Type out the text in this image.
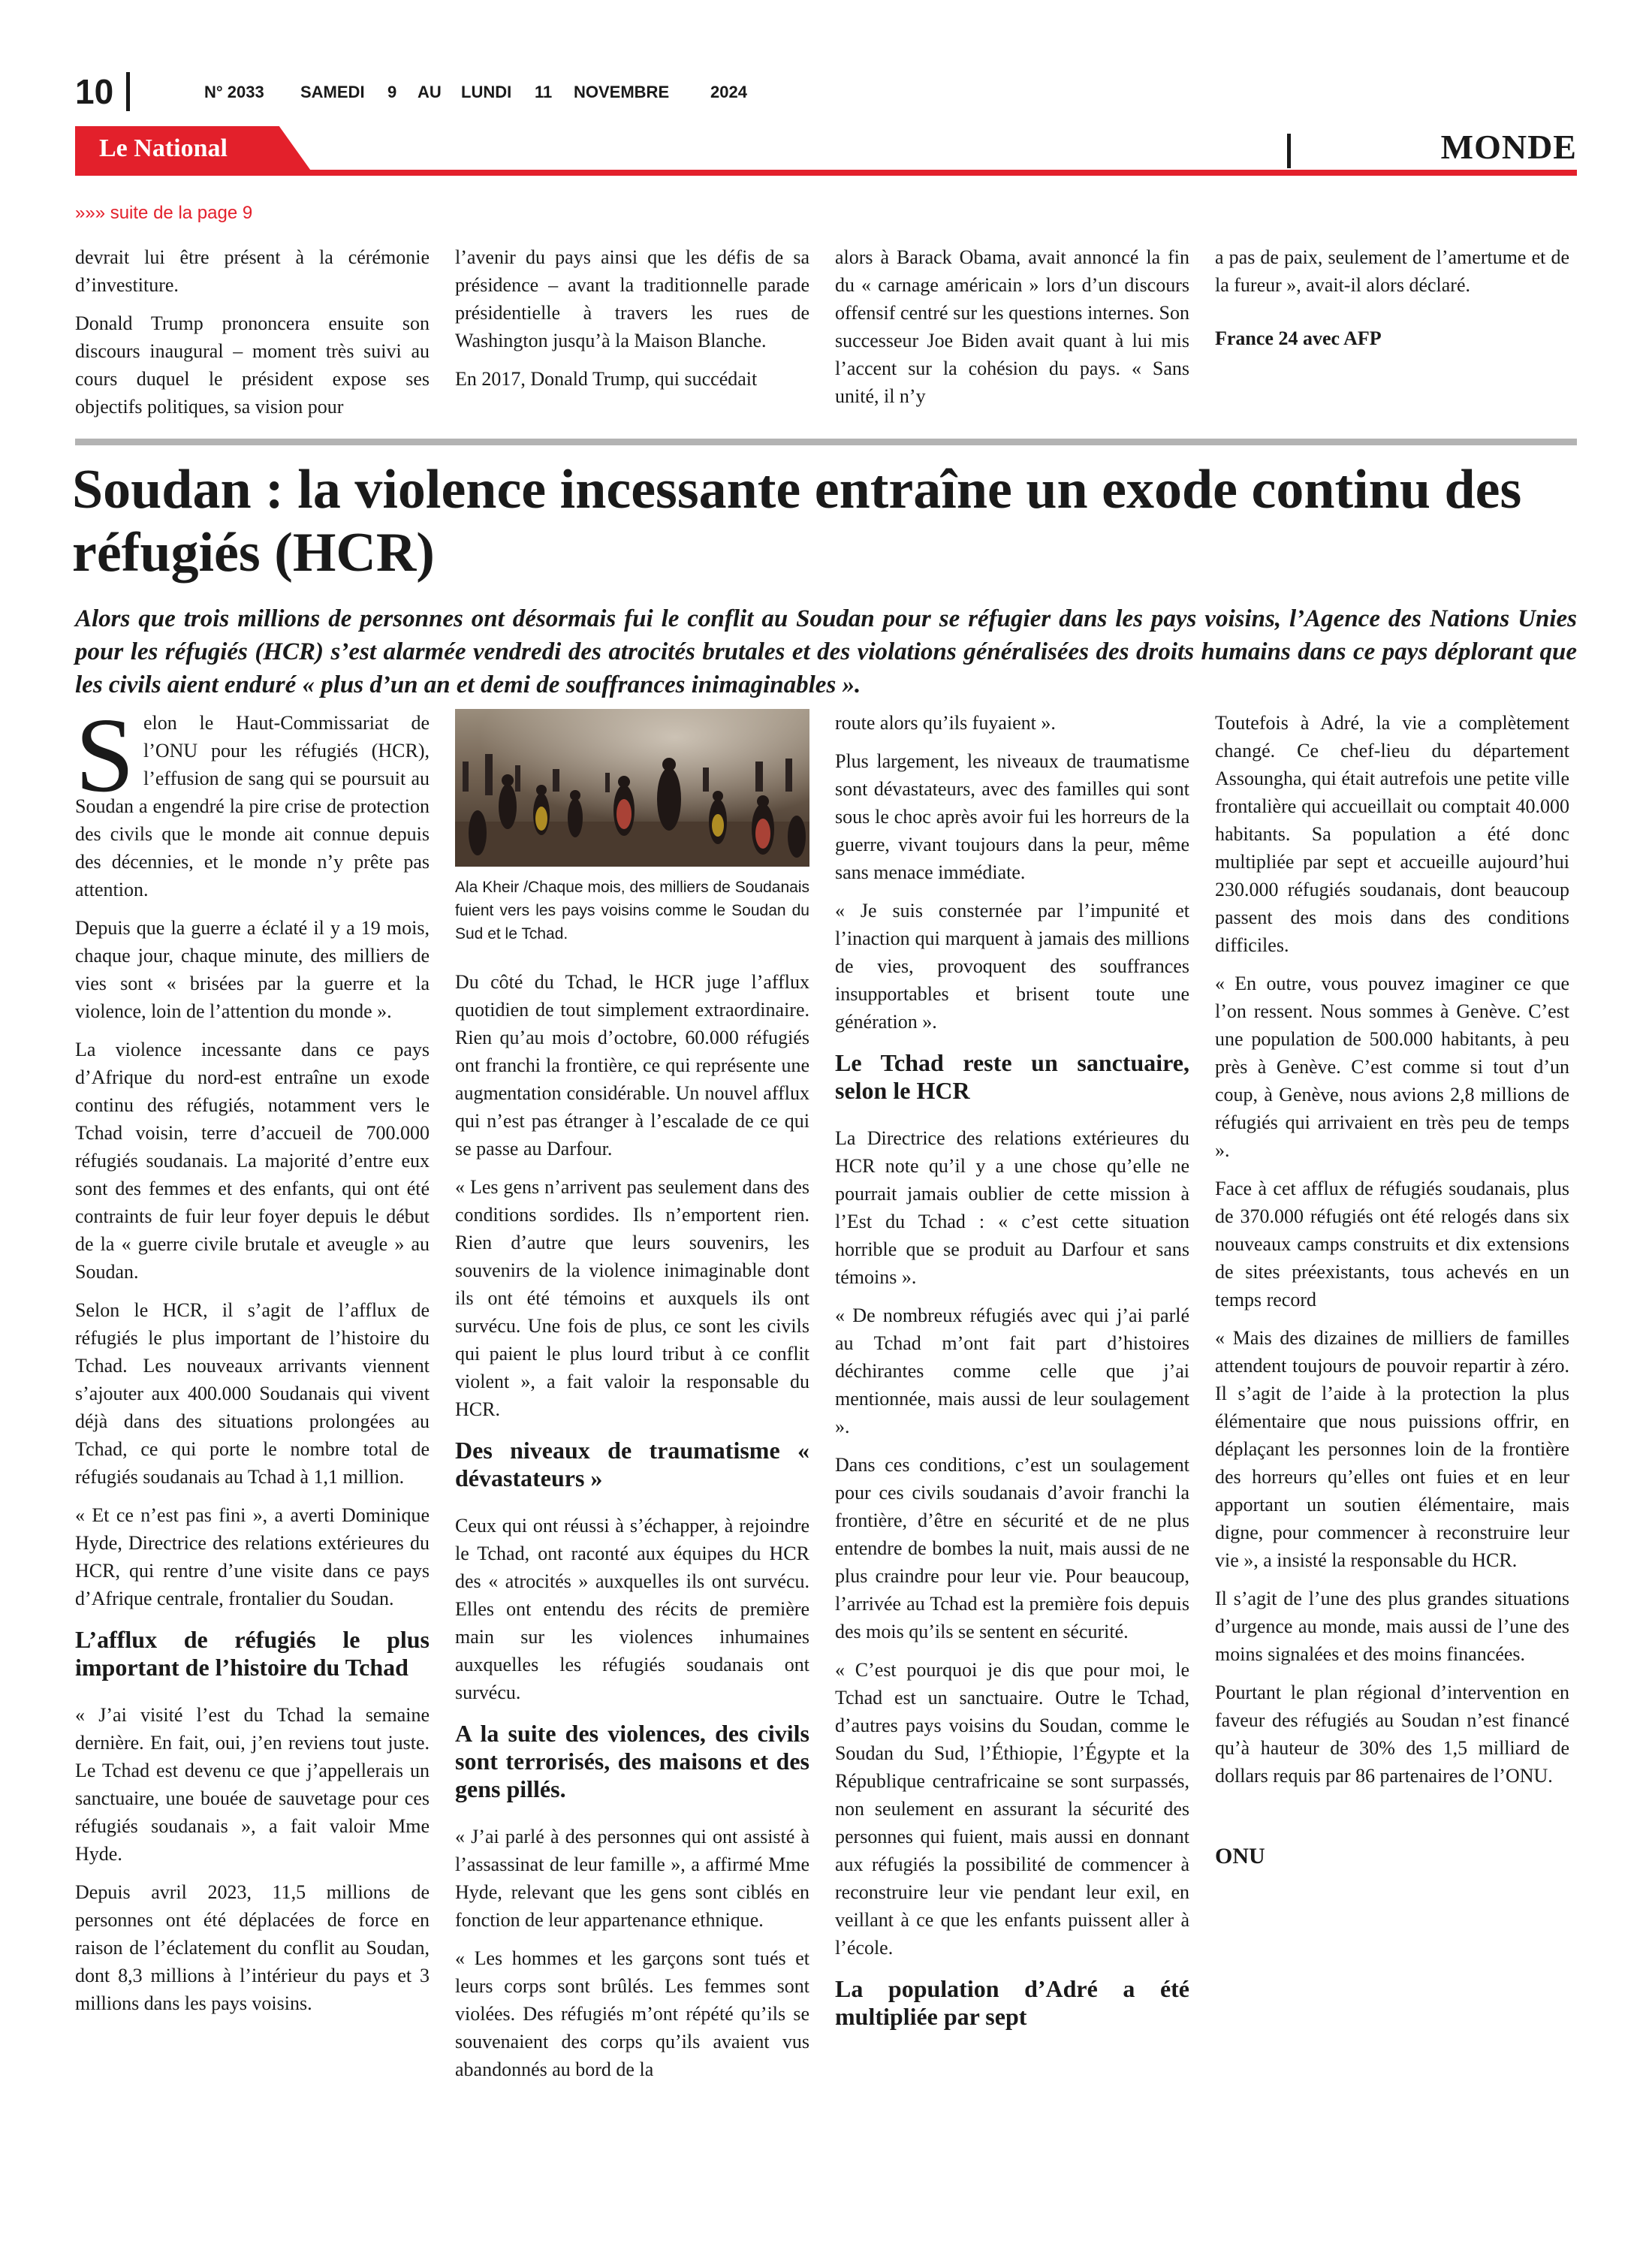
10	N° 2033 SAMEDI 9 AU LUNDI 11 NOVEMBRE 2024
Le National	MONDE
»»» suite de la page 9

devrait lui être présent à la cérémonie d’investiture.

Donald Trump prononcera ensuite son discours inaugural – moment très suivi au cours duquel le président expose ses objectifs politiques, sa vision pour

l’avenir du pays ainsi que les défis de sa présidence – avant la traditionnelle parade présidentielle à travers les rues de Washington jusqu’à la Maison Blanche.

En 2017, Donald Trump, qui succédait

alors à Barack Obama, avait annoncé la fin du « carnage américain » lors d’un discours offensif centré sur les questions internes. Son successeur Joe Biden avait quant à lui mis l’accent sur la cohésion du pays. « Sans unité, il n’y

a pas de paix, seulement de l’amertume et de la fureur », avait-il alors déclaré.

France 24 avec AFP

Soudan : la violence incessante entraîne un exode continu des réfugiés (HCR)

Alors que trois millions de personnes ont désormais fui le conflit au Soudan pour se réfugier dans les pays voisins, l’Agence des Nations Unies pour les réfugiés (HCR) s’est alarmée vendredi des atrocités brutales et des violations généralisées des droits humains dans ce pays déplorant que les civils aient enduré « plus d’un an et demi de souffrances inimaginables ».

Selon le Haut-Commissariat de l’ONU pour les réfugiés (HCR), l’effusion de sang qui se poursuit au Soudan a engendré la pire crise de protection des civils que le monde ait connue depuis des décennies, et le monde n’y prête pas attention.

Depuis que la guerre a éclaté il y a 19 mois, chaque jour, chaque minute, des milliers de vies sont « brisées par la guerre et la violence, loin de l’attention du monde ».

La violence incessante dans ce pays d’Afrique du nord-est entraîne un exode continu des réfugiés, notamment vers le Tchad voisin, terre d’accueil de 700.000 réfugiés soudanais. La majorité d’entre eux sont des femmes et des enfants, qui ont été contraints de fuir leur foyer depuis le début de la « guerre civile brutale et aveugle » au Soudan.

Selon le HCR, il s’agit de l’afflux de réfugiés le plus important de l’histoire du Tchad. Les nouveaux arrivants viennent s’ajouter aux 400.000 Soudanais qui vivent déjà dans des situations prolongées au Tchad, ce qui porte le nombre total de réfugiés soudanais au Tchad à 1,1 million.

« Et ce n’est pas fini », a averti Dominique Hyde, Directrice des relations extérieures du HCR, qui rentre d’une visite dans ce pays d’Afrique centrale, frontalier du Soudan.

L’afflux de réfugiés le plus important de l’histoire du Tchad

« J’ai visité l’est du Tchad la semaine dernière. En fait, oui, j’en reviens tout juste. Le Tchad est devenu ce que j’appellerais un sanctuaire, une bouée de sauvetage pour ces réfugiés soudanais », a fait valoir Mme Hyde.

Depuis avril 2023, 11,5 millions de personnes ont été déplacées de force en raison de l’éclatement du conflit au Soudan, dont 8,3 millions à l’intérieur du pays et 3 millions dans les pays voisins.

Ala Kheir /Chaque mois, des milliers de Soudanais fuient vers les pays voisins comme le Soudan du Sud et le Tchad.

Du côté du Tchad, le HCR juge l’afflux quotidien de tout simplement extraordinaire. Rien qu’au mois d’octobre, 60.000 réfugiés ont franchi la frontière, ce qui représente une augmentation considérable. Un nouvel afflux qui n’est pas étranger à l’escalade de ce qui se passe au Darfour.

« Les gens n’arrivent pas seulement dans des conditions sordides. Ils n’emportent rien. Rien d’autre que leurs souvenirs, les souvenirs de la violence inimaginable dont ils ont été témoins et auxquels ils ont survécu. Une fois de plus, ce sont les civils qui paient le plus lourd tribut à ce conflit violent », a fait valoir la responsable du HCR.

Des niveaux de traumatisme « dévastateurs »

Ceux qui ont réussi à s’échapper, à rejoindre le Tchad, ont raconté aux équipes du HCR des « atrocités » auxquelles ils ont survécu. Elles ont entendu des récits de première main sur les violences inhumaines auxquelles les réfugiés soudanais ont survécu.

A la suite des violences, des civils sont terrorisés, des maisons et des gens pillés.

« J’ai parlé à des personnes qui ont assisté à l’assassinat de leur famille », a affirmé Mme Hyde, relevant que les gens sont ciblés en fonction de leur appartenance ethnique.

« Les hommes et les garçons sont tués et leurs corps sont brûlés. Les femmes sont violées. Des réfugiés m’ont répété qu’ils se souvenaient des corps qu’ils avaient vus abandonnés au bord de la

route alors qu’ils fuyaient ».

Plus largement, les niveaux de traumatisme sont dévastateurs, avec des familles qui sont sous le choc après avoir fui les horreurs de la guerre, vivant toujours dans la peur, même sans menace immédiate.

« Je suis consternée par l’impunité et l’inaction qui marquent à jamais des millions de vies, provoquent des souffrances insupportables et brisent toute une génération ».

Le Tchad reste un sanctuaire, selon le HCR

La Directrice des relations extérieures du HCR note qu’il y a une chose qu’elle ne pourrait jamais oublier de cette mission à l’Est du Tchad : « c’est cette situation horrible que se produit au Darfour et sans témoins ».

« De nombreux réfugiés avec qui j’ai parlé au Tchad m’ont fait part d’histoires déchirantes comme celle que j’ai mentionnée, mais aussi de leur soulagement ».

Dans ces conditions, c’est un soulagement pour ces civils soudanais d’avoir franchi la frontière, d’être en sécurité et de ne plus entendre de bombes la nuit, mais aussi de ne plus craindre pour leur vie. Pour beaucoup, l’arrivée au Tchad est la première fois depuis des mois qu’ils se sentent en sécurité.

« C’est pourquoi je dis que pour moi, le Tchad est un sanctuaire. Outre le Tchad, d’autres pays voisins du Soudan, comme le Soudan du Sud, l’Éthiopie, l’Égypte et la République centrafricaine se sont surpassés, non seulement en assurant la sécurité des personnes qui fuient, mais aussi en donnant aux réfugiés la possibilité de commencer à reconstruire leur vie pendant leur exil, en veillant à ce que les enfants puissent aller à l’école.

La population d’Adré a été multipliée par sept

Toutefois à Adré, la vie a complètement changé. Ce chef-lieu du département Assoungha, qui était autrefois une petite ville frontalière qui accueillait ou comptait 40.000 habitants. Sa population a été donc multipliée par sept et accueille aujourd’hui 230.000 réfugiés soudanais, dont beaucoup passent des mois dans des conditions difficiles.

« En outre, vous pouvez imaginer ce que l’on ressent. Nous sommes à Genève. C’est une population de 500.000 habitants, à peu près à Genève. C’est comme si tout d’un coup, à Genève, nous avions 2,8 millions de réfugiés qui arrivaient en très peu de temps ».

Face à cet afflux de réfugiés soudanais, plus de 370.000 réfugiés ont été relogés dans six nouveaux camps construits et dix extensions de sites préexistants, tous achevés en un temps record

« Mais des dizaines de milliers de familles attendent toujours de pouvoir repartir à zéro. Il s’agit de l’aide à la protection la plus élémentaire que nous puissions offrir, en déplaçant les personnes loin de la frontière des horreurs qu’elles ont fuies et en leur apportant un soutien élémentaire, mais digne, pour commencer à reconstruire leur vie », a insisté la responsable du HCR.

Il s’agit de l’une des plus grandes situations d’urgence au monde, mais aussi de l’une des moins signalées et des moins financées.

Pourtant le plan régional d’intervention en faveur des réfugiés au Soudan n’est financé qu’à hauteur de 30% des 1,5 milliard de dollars requis par 86 partenaires de l’ONU.

ONU
